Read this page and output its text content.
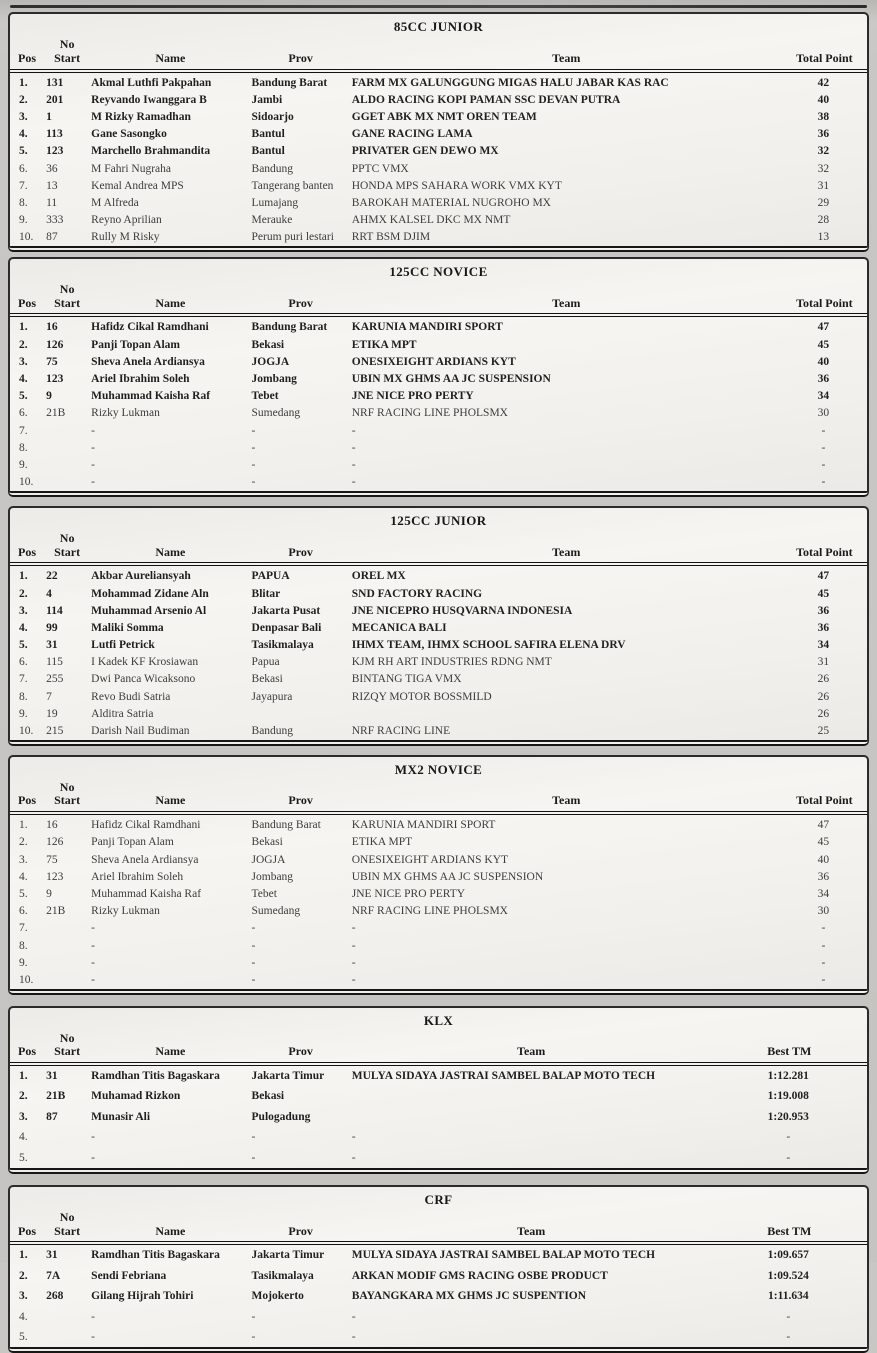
85CC JUNIOR
Pos	No
Start	Name	Prov	Team	Total Point
1.	131	Akmal Luthfi Pakpahan	Bandung Barat	FARM MX GALUNGGUNG MIGAS HALU JABAR KAS RAC	42
2.	201	Reyvando Iwanggara B	Jambi	ALDO RACING KOPI PAMAN SSC DEVAN PUTRA	40
3.	1	M Rizky Ramadhan	Sidoarjo	GGET ABK MX NMT OREN TEAM	38
4.	113	Gane Sasongko	Bantul	GANE RACING LAMA	36
5.	123	Marchello Brahmandita	Bantul	PRIVATER GEN DEWO MX	32
6.	36	M Fahri Nugraha	Bandung	PPTC VMX	32
7.	13	Kemal Andrea MPS	Tangerang banten	HONDA MPS SAHARA WORK VMX KYT	31
8.	11	M Alfreda	Lumajang	BAROKAH MATERIAL NUGROHO MX	29
9.	333	Reyno Aprilian	Merauke	AHMX KALSEL DKC MX NMT	28
10.	87	Rully M Risky	Perum puri lestari	RRT BSM DJIM	13
125CC NOVICE
Pos	No
Start	Name	Prov	Team	Total Point
1.	16	Hafidz Cikal Ramdhani	Bandung Barat	KARUNIA MANDIRI SPORT	47
2.	126	Panji Topan Alam	Bekasi	ETIKA MPT	45
3.	75	Sheva Anela Ardiansya	JOGJA	ONESIXEIGHT ARDIANS KYT	40
4.	123	Ariel Ibrahim Soleh	Jombang	UBIN MX GHMS AA JC SUSPENSION	36
5.	9	Muhammad Kaisha Raf	Tebet	JNE NICE PRO PERTY	34
6.	21B	Rizky Lukman	Sumedang	NRF RACING LINE PHOLSMX	30
7.		-	-	-	-
8.		-	-	-	-
9.		-	-	-	-
10.		-	-	-	-
125CC JUNIOR
Pos	No
Start	Name	Prov	Team	Total Point
1.	22	Akbar Aureliansyah	PAPUA	OREL MX	47
2.	4	Mohammad Zidane Aln	Blitar	SND FACTORY RACING	45
3.	114	Muhammad Arsenio Al	Jakarta Pusat	JNE NICEPRO HUSQVARNA INDONESIA	36
4.	99	Maliki Somma	Denpasar Bali	MECANICA BALI	36
5.	31	Lutfi Petrick	Tasikmalaya	IHMX TEAM, IHMX SCHOOL SAFIRA ELENA DRV	34
6.	115	I Kadek KF Krosiawan	Papua	KJM RH ART INDUSTRIES RDNG NMT	31
7.	255	Dwi Panca Wicaksono	Bekasi	BINTANG TIGA VMX	26
8.	7	Revo Budi Satria	Jayapura	RIZQY MOTOR BOSSMILD	26
9.	19	Alditra Satria			26
10.	215	Darish Nail Budiman	Bandung	NRF RACING LINE	25
MX2 NOVICE
Pos	No
Start	Name	Prov	Team	Total Point
1.	16	Hafidz Cikal Ramdhani	Bandung Barat	KARUNIA MANDIRI SPORT	47
2.	126	Panji Topan Alam	Bekasi	ETIKA MPT	45
3.	75	Sheva Anela Ardiansya	JOGJA	ONESIXEIGHT ARDIANS KYT	40
4.	123	Ariel Ibrahim Soleh	Jombang	UBIN MX GHMS AA JC SUSPENSION	36
5.	9	Muhammad Kaisha Raf	Tebet	JNE NICE PRO PERTY	34
6.	21B	Rizky Lukman	Sumedang	NRF RACING LINE PHOLSMX	30
7.		-	-	-	-
8.		-	-	-	-
9.		-	-	-	-
10.		-	-	-	-
KLX
Pos	No
Start	Name	Prov	Team	Best TM
1.	31	Ramdhan Titis Bagaskara	Jakarta Timur	MULYA SIDAYA JASTRAI SAMBEL BALAP MOTO TECH	1:12.281
2.	21B	Muhamad Rizkon	Bekasi		1:19.008
3.	87	Munasir Ali	Pulogadung		1:20.953
4.		-	-	-	-
5.		-	-	-	-
CRF
Pos	No
Start	Name	Prov	Team	Best TM
1.	31	Ramdhan Titis Bagaskara	Jakarta Timur	MULYA SIDAYA JASTRAI SAMBEL BALAP MOTO TECH	1:09.657
2.	7A	Sendi Febriana	Tasikmalaya	ARKAN MODIF GMS RACING OSBE PRODUCT	1:09.524
3.	268	Gilang Hijrah Tohiri	Mojokerto	BAYANGKARA MX GHMS JC SUSPENTION	1:11.634
4.		-	-	-	-
5.		-	-	-	-
